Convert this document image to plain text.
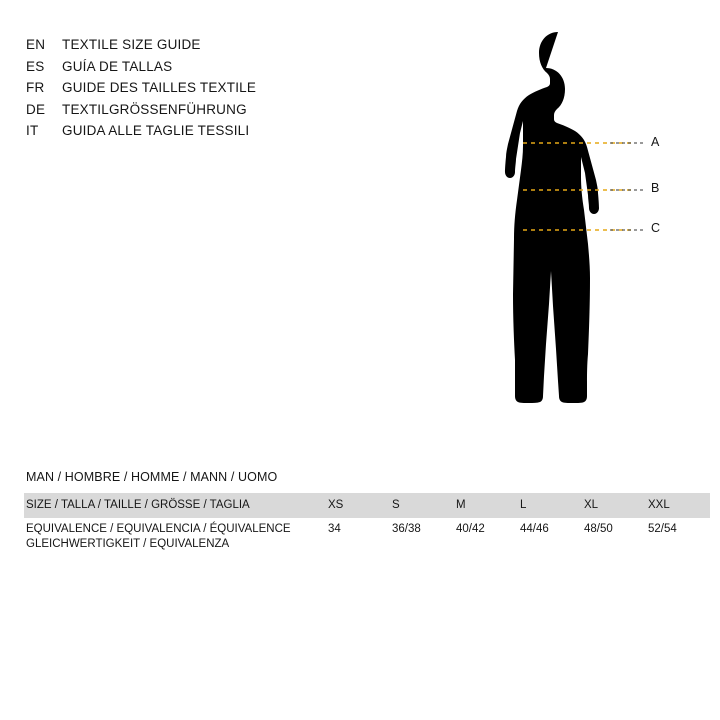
EN	TEXTILE SIZE GUIDE
ES	GUÍA DE TALLAS
FR	GUIDE DES TAILLES TEXTILE
DE	TEXTILGRÖSSENFÜHRUNG
IT	GUIDA ALLE TAGLIE TESSILI
A
B
C
MAN / HOMBRE / HOMME / MANN / UOMO
SIZE / TALLA / TAILLE / GRÖSSE / TAGLIA	XS	S	M	L	XL	XXL

EQUIVALENCE / EQUIVALENCIA / ÉQUIVALENCE
GLEICHWERTIGKEIT / EQUIVALENZA	34	36/38	40/42	44/46	48/50	52/54
